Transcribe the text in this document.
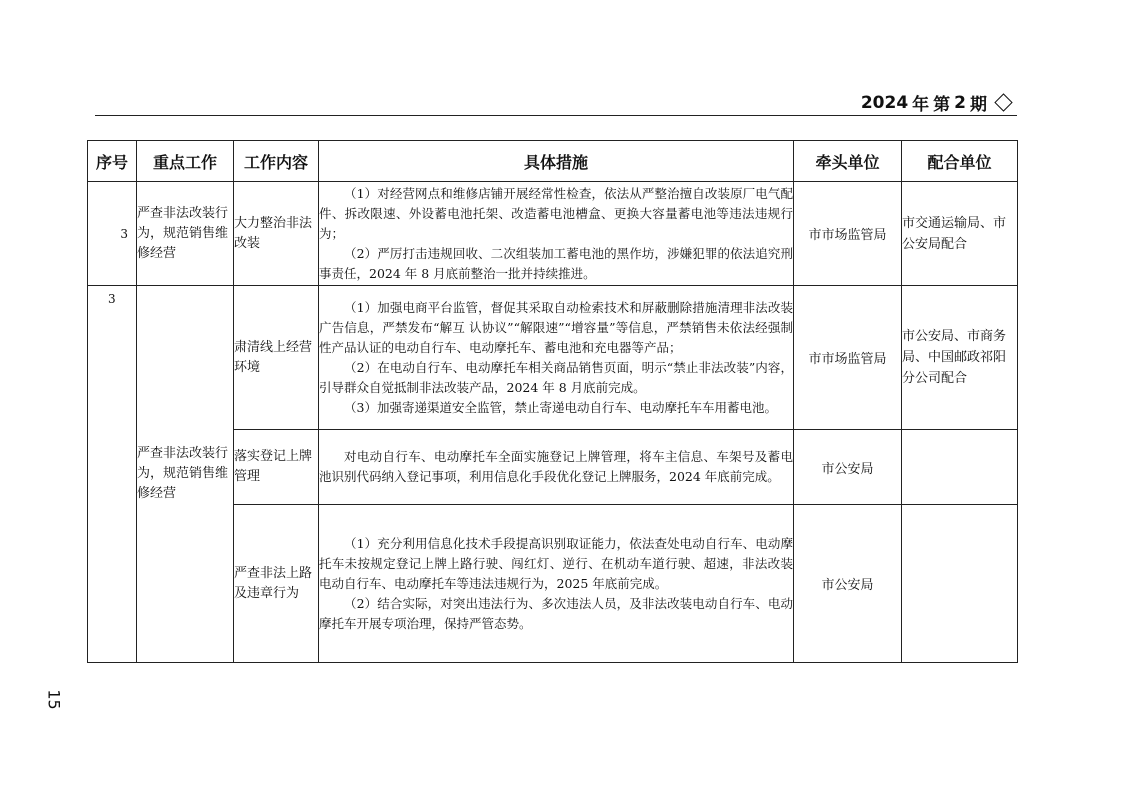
2024 年 第 2 期
序号	重点工作	工作内容	具体措施	牵头单位	配合单位
3	严查非法改装行为，规范销售维修经营	大力整治非法改装	（1）对经营网点和维修店铺开展经常性检查，依法从严整治擅自改装原厂电气配件、拆改限速、外设蓄电池托架、改造蓄电池槽盒、更换大容量蓄电池等违法违规行为；

（2）严厉打击违规回收、二次组装加工蓄电池的黑作坊，涉嫌犯罪的依法追究刑事责任，2024 年 8 月底前整治一批并持续推进。	市市场监管局	市交通运输局、市公安局配合
3	严查非法改装行为，规范销售维修经营	肃清线上经营环境	（1）加强电商平台监管，督促其采取自动检索技术和屏蔽删除措施清理非法改装广告信息，严禁发布“解互 认协议”“解限速”“增容量”等信息，严禁销售未依法经强制性产品认证的电动自行车、电动摩托车、蓄电池和充电器等产品；

（2）在电动自行车、电动摩托车相关商品销售页面，明示“禁止非法改装”内容，引导群众自觉抵制非法改装产品，2024 年 8 月底前完成。

（3）加强寄递渠道安全监管，禁止寄递电动自行车、电动摩托车车用蓄电池。	市市场监管局	市公安局、市商务局、中国邮政祁阳分公司配合
		落实登记上牌管理	对电动自行车、电动摩托车全面实施登记上牌管理，将车主信息、车架号及蓄电池识别代码纳入登记事项，利用信息化手段优化登记上牌服务，2024 年底前完成。	市公安局	
		严查非法上路及违章行为	（1）充分利用信息化技术手段提高识别取证能力，依法查处电动自行车、电动摩托车未按规定登记上牌上路行驶、闯红灯、逆行、在机动车道行驶、超速，非法改装电动自行车、电动摩托车等违法违规行为，2025 年底前完成。

（2）结合实际，对突出违法行为、多次违法人员，及非法改装电动自行车、电动摩托车开展专项治理，保持严管态势。	市公安局	
15
